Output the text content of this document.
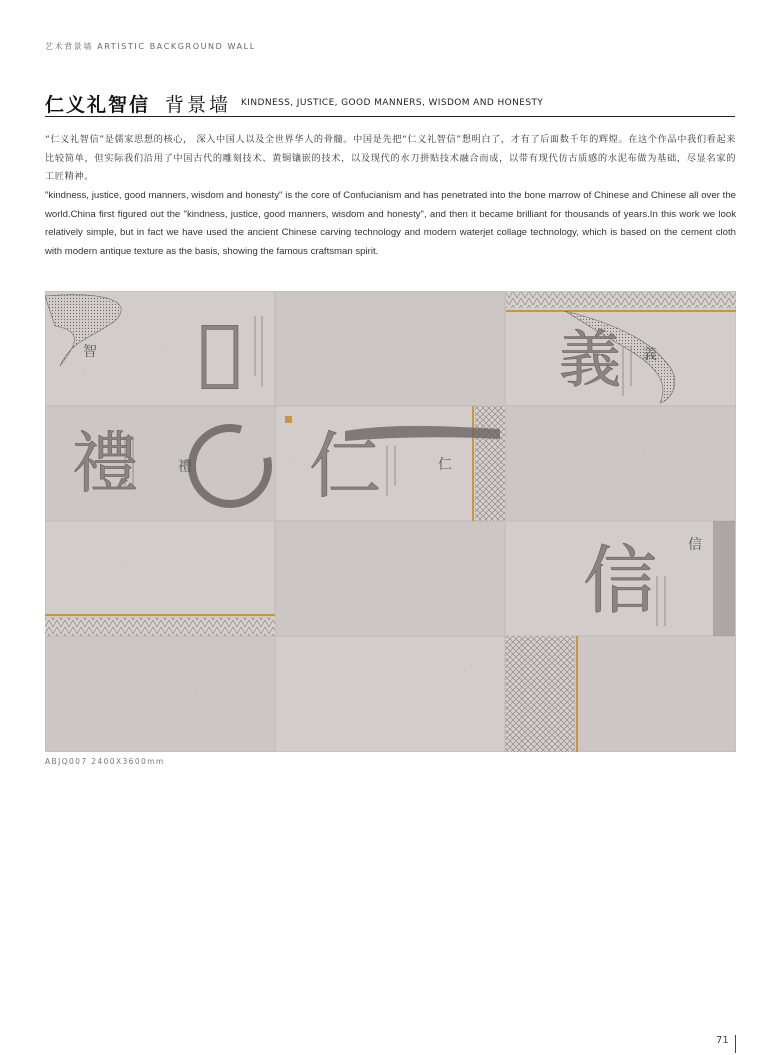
艺术背景墙 ARTISTIC BACKGROUND WALL
仁义礼智信 背景墙 KINDNESS, JUSTICE, GOOD MANNERS, WISDOM AND HONESTY
“仁义礼智信”是儒家思想的核心， 深入中国人以及全世界华人的骨髓。中国是先把“仁义礼智信”想明白了，才有了后面数千年的辉煌。在这个作品中我们看起来比较简单，但实际我们沿用了中国古代的雕刻技术、黄铜镶嵌的技术，以及现代的水刀拼贴技术融合而成，以带有现代仿古质感的水泥布做为基础，尽显名家的工匠精神。
"kindness, justice, good manners, wisdom and honesty" is the core of Confucianism and has penetrated into the bone marrow of Chinese and Chinese all over the world.China first figured out the "kindness, justice, good manners, wisdom and honesty", and then it became brilliant for thousands of years.In this work we look relatively simple, but in fact we have used the ancient Chinese carving technology and modern waterjet collage technology, which is based on the cement cloth with modern antique texture as the basis, showing the famous craftsman spirit.
𢡚	義
禮 仁
信
智	義
禮	仁
信
ABJQ007 2400X3600mm
71
